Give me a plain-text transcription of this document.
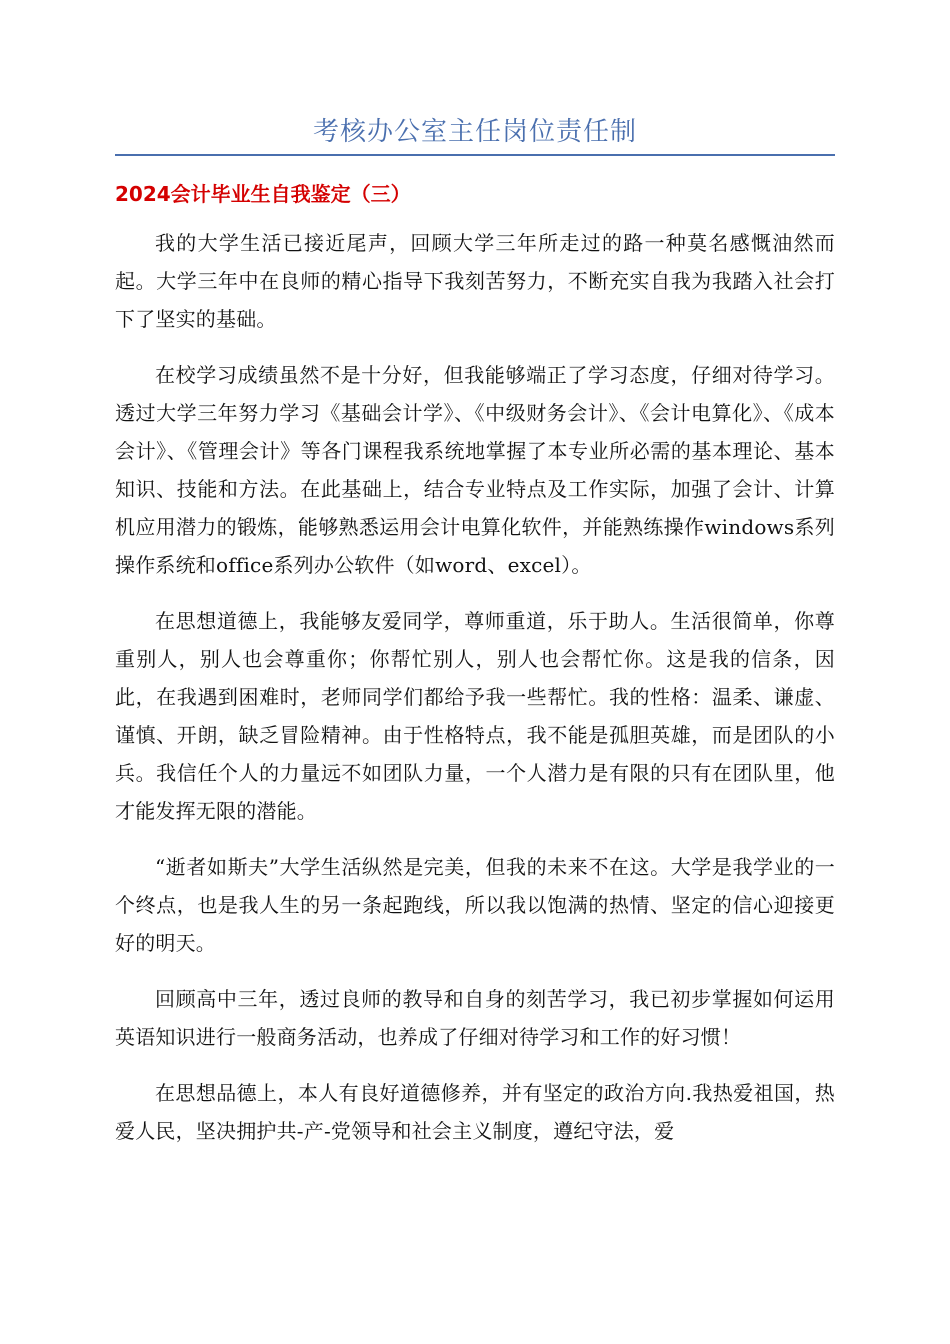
考核办公室主任岗位责任制
2024会计毕业生自我鉴定（三）

我的大学生活已接近尾声，回顾大学三年所走过的路一种莫名感慨油然而起。大学三年中在良师的精心指导下我刻苦努力，不断充实自我为我踏入社会打下了坚实的基础。

在校学习成绩虽然不是十分好，但我能够端正了学习态度，仔细对待学习。透过大学三年努力学习《基础会计学》、《中级财务会计》、《会计电算化》、《成本会计》、《管理会计》等各门课程我系统地掌握了本专业所必需的基本理论、基本知识、技能和方法。在此基础上，结合专业特点及工作实际，加强了会计、计算机应用潜力的锻炼，能够熟悉运用会计电算化软件，并能熟练操作windows系列操作系统和office系列办公软件（如word、excel）。

在思想道德上，我能够友爱同学，尊师重道，乐于助人。生活很简单，你尊重别人，别人也会尊重你；你帮忙别人，别人也会帮忙你。这是我的信条，因此，在我遇到困难时，老师同学们都给予我一些帮忙。我的性格：温柔、谦虚、谨慎、开朗，缺乏冒险精神。由于性格特点，我不能是孤胆英雄，而是团队的小兵。我信任个人的力量远不如团队力量，一个人潜力是有限的只有在团队里，他才能发挥无限的潜能。

“逝者如斯夫”大学生活纵然是完美，但我的未来不在这。大学是我学业的一个终点，也是我人生的另一条起跑线，所以我以饱满的热情、坚定的信心迎接更好的明天。

回顾高中三年，透过良师的教导和自身的刻苦学习，我已初步掌握如何运用英语知识进行一般商务活动，也养成了仔细对待学习和工作的好习惯！

在思想品德上，本人有良好道德修养，并有坚定的政治方向.我热爱祖国，热爱人民，坚决拥护共-产-党领导和社会主义制度，遵纪守法，爱
